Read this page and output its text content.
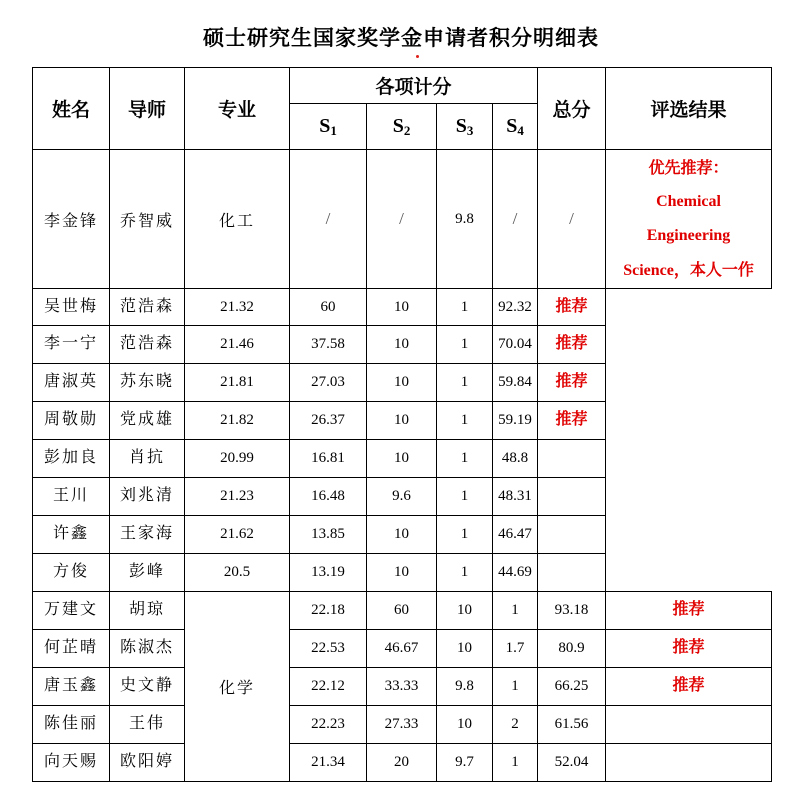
硕士研究生国家奖学金申请者积分明细表
姓名	导师	专业	各项计分				总分	评选结果
			$S_1$	$S_2$	$S_3$	$S_4$
李金锋	乔智威	化工	/	/	9.8	/	/	优先推荐：
Chemical
Engineering
Science，本人一作

吴世梅	范浩森	21.32	60	10	1	92.32	推荐	
李一宁	范浩森	21.46	37.58	10	1	70.04	推荐	
唐淑英	苏东晓	21.81	27.03	10	1	59.84	推荐	
周敬勋	党成雄	21.82	26.37	10	1	59.19	推荐	
彭加良	肖抗	20.99	16.81	10	1	48.8		
王川	刘兆清	21.23	16.48	9.6	1	48.31		
许鑫	王家海	21.62	13.85	10	1	46.47		
方俊	彭峰	20.5	13.19	10	1	44.69		
万建文	胡琼	化学	22.18	60	10	1	93.18	推荐
何芷晴	陈淑杰		22.53	46.67	10	1.7	80.9	推荐
唐玉鑫	史文静		22.12	33.33	9.8	1	66.25	推荐
陈佳丽	王伟		22.23	27.33	10	2	61.56	
向天赐	欧阳婷		21.34	20	9.7	1	52.04	
